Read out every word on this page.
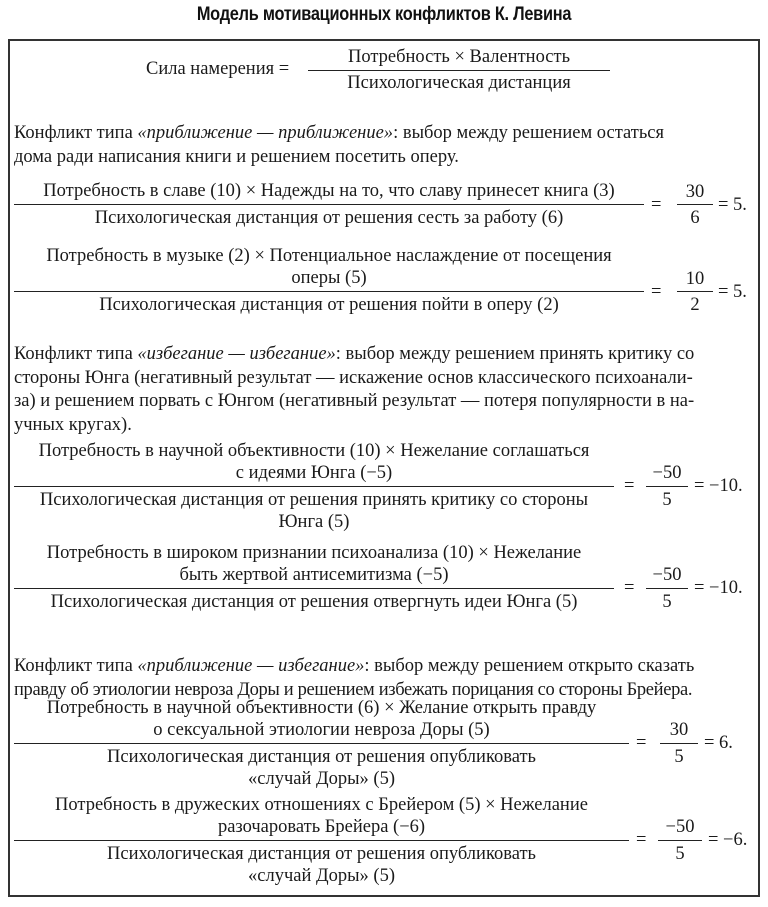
Модель мотивационных конфликтов К. Левина
Сила намерения =
Потребность × Валентность
Психологическая дистанция
Конфликт типа «приближение — приближение»: выбор между решением остаться
дома ради написания книги и решением посетить оперу.
Потребность в славе (10) × Надежды на то, что славу принесет книга (3)
Психологическая дистанция от решения сесть за работу (6)
=
30
6
= 5.
Потребность в музыке (2) × Потенциальное наслаждение от посещения
оперы (5)
Психологическая дистанция от решения пойти в оперу (2)
=
10
2
= 5.
Конфликт типа «избегание — избегание»: выбор между решением принять критику со
стороны Юнга (негативный результат — искажение основ классического психоанали-
за) и решением порвать с Юнгом (негативный результат — потеря популярности в на-
учных кругах).
Потребность в научной объективности (10) × Нежелание соглашаться
с идеями Юнга (−5)
Психологическая дистанция от решения принять критику со стороны
Юнга (5)
=
−50
5
= −10.
Потребность в широком признании психоанализа (10) × Нежелание
быть жертвой антисемитизма (−5)
Психологическая дистанция от решения отвергнуть идеи Юнга (5)
=
−50
5
= −10.
Конфликт типа «приближение — избегание»: выбор между решением открыто сказать
правду об этиологии невроза Доры и решением избежать порицания со стороны Брейера.
Потребность в научной объективности (6) × Желание открыть правду
о сексуальной этиологии невроза Доры (5)
Психологическая дистанция от решения опубликовать
«случай Доры» (5)
=
30
5
= 6.
Потребность в дружеских отношениях с Брейером (5) × Нежелание
разочаровать Брейера (−6)
Психологическая дистанция от решения опубликовать
«случай Доры» (5)
=
−50
5
= −6.
